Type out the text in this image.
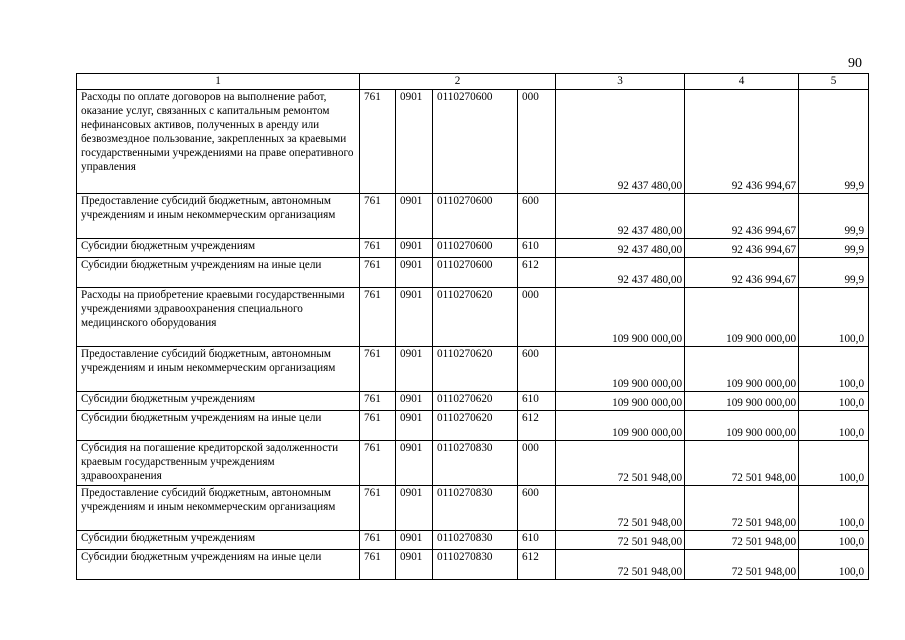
90
1	2				3	4	5
Расходы по оплате договоров на выполнение работ, оказание услуг, связанных с капитальным ремонтом нефинансовых активов, полученных в аренду или безвозмездное пользование, закрепленных за краевыми государственными учреждениями на праве оперативного управления	761	0901	0110270600	000	92 437 480,00	92 436 994,67	99,9
Предоставление субсидий бюджетным, автономным учреждениям и иным некоммерческим организациям	761	0901	0110270600	600	92 437 480,00	92 436 994,67	99,9
Субсидии бюджетным учреждениям	761	0901	0110270600	610	92 437 480,00	92 436 994,67	99,9
Субсидии бюджетным учреждениям на иные цели	761	0901	0110270600	612	92 437 480,00	92 436 994,67	99,9
Расходы на приобретение краевыми государственными учреждениями здравоохранения специального медицинского оборудования	761	0901	0110270620	000	109 900 000,00	109 900 000,00	100,0
Предоставление субсидий бюджетным, автономным учреждениям и иным некоммерческим организациям	761	0901	0110270620	600	109 900 000,00	109 900 000,00	100,0
Субсидии бюджетным учреждениям	761	0901	0110270620	610	109 900 000,00	109 900 000,00	100,0
Субсидии бюджетным учреждениям на иные цели	761	0901	0110270620	612	109 900 000,00	109 900 000,00	100,0
Субсидия на погашение кредиторской задолженности краевым государственным учреждениям здравоохранения	761	0901	0110270830	000	72 501 948,00	72 501 948,00	100,0
Предоставление субсидий бюджетным, автономным учреждениям и иным некоммерческим организациям	761	0901	0110270830	600	72 501 948,00	72 501 948,00	100,0
Субсидии бюджетным учреждениям	761	0901	0110270830	610	72 501 948,00	72 501 948,00	100,0
Субсидии бюджетным учреждениям на иные цели	761	0901	0110270830	612	72 501 948,00	72 501 948,00	100,0
